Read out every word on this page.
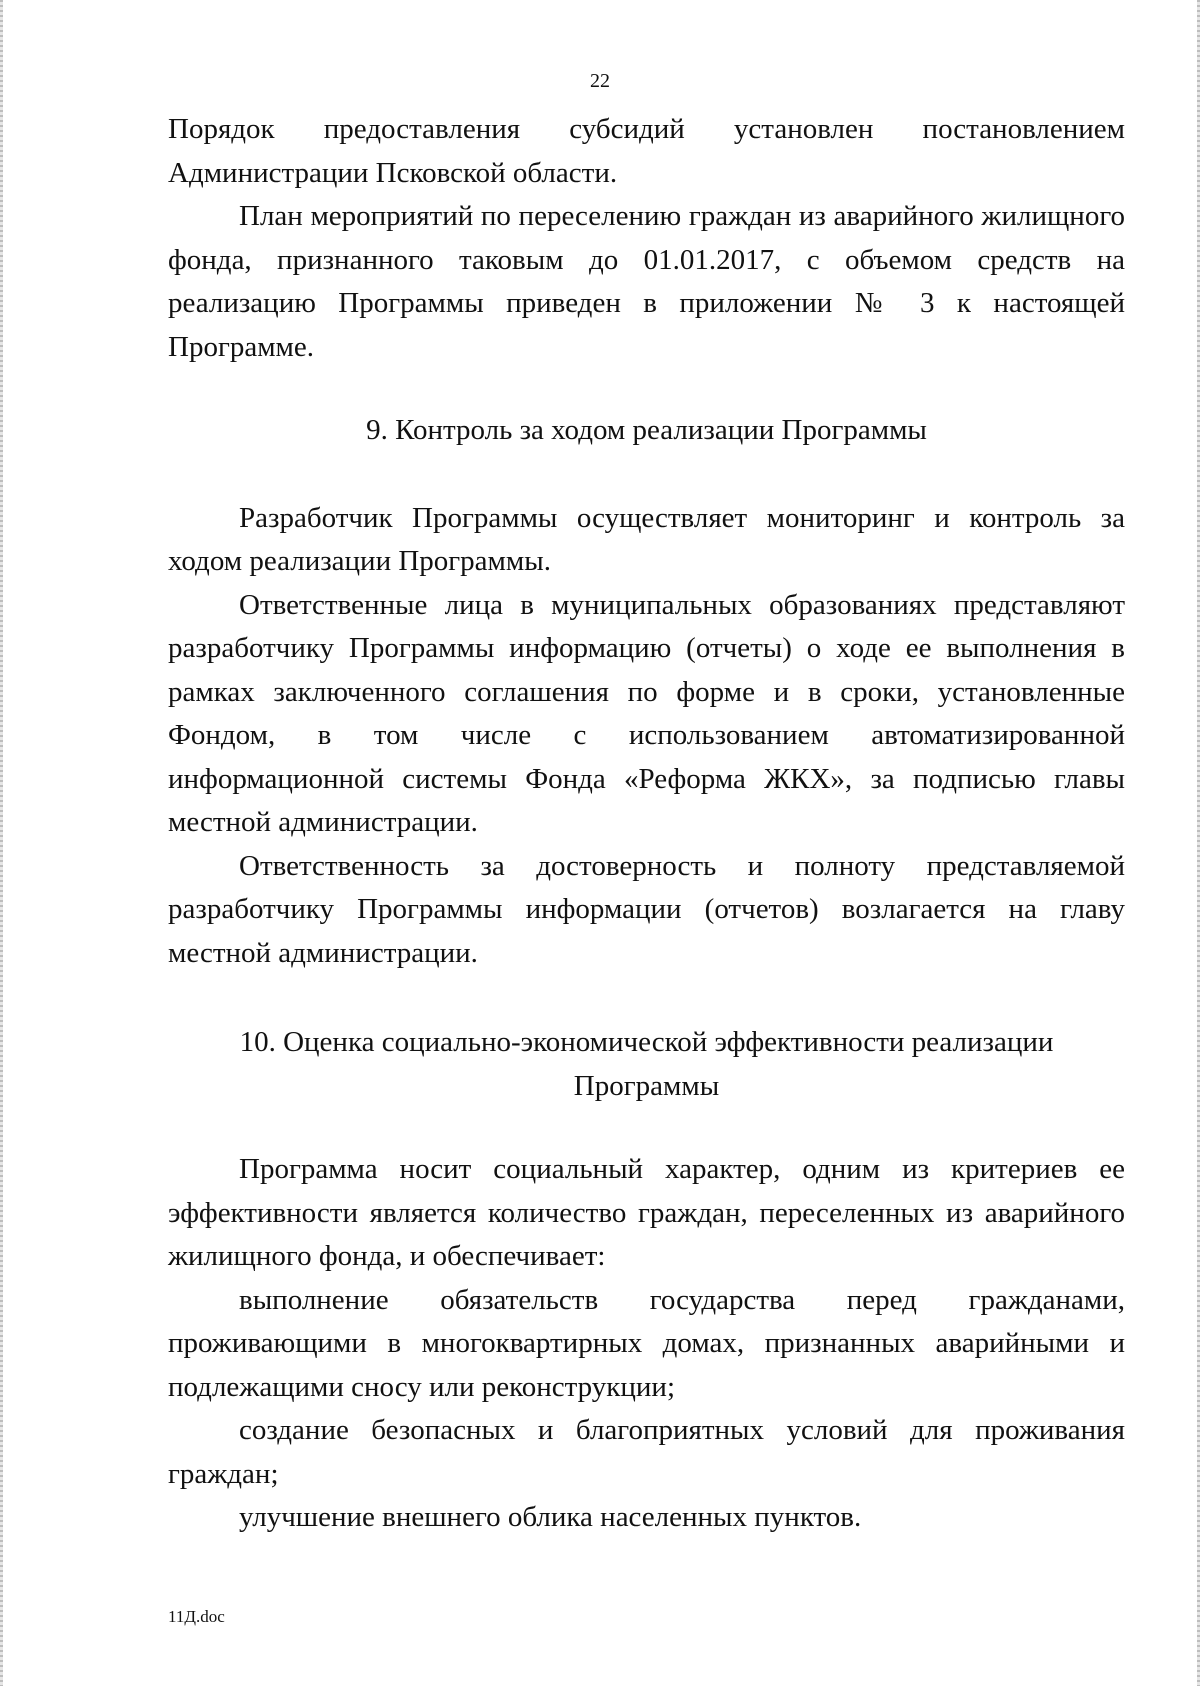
22

Порядок предоставления субсидий установлен постановлением Администрации Псковской области.

План мероприятий по переселению граждан из аварийного жилищного фонда, признанного таковым до 01.01.2017, с объемом средств на реализацию Программы приведен в приложении № 3 к настоящей Программе.

9. Контроль за ходом реализации Программы

Разработчик Программы осуществляет мониторинг и контроль за ходом реализации Программы.

Ответственные лица в муниципальных образованиях представляют разработчику Программы информацию (отчеты) о ходе ее выполнения в рамках заключенного соглашения по форме и в сроки, установленные Фондом, в том числе с использованием автоматизированной информационной системы Фонда «Реформа ЖКХ», за подписью главы местной администрации.

Ответственность за достоверность и полноту представляемой разработчику Программы информации (отчетов) возлагается на главу местной администрации.

10. Оценка социально-экономической эффективности реализации
Программы

Программа носит социальный характер, одним из критериев ее эффективности является количество граждан, переселенных из аварийного жилищного фонда, и обеспечивает:

выполнение обязательств государства перед гражданами, проживающими в многоквартирных домах, признанных аварийными и подлежащими сносу или реконструкции;

создание безопасных и благоприятных условий для проживания граждан;

улучшение внешнего облика населенных пунктов.

11Д.doc
